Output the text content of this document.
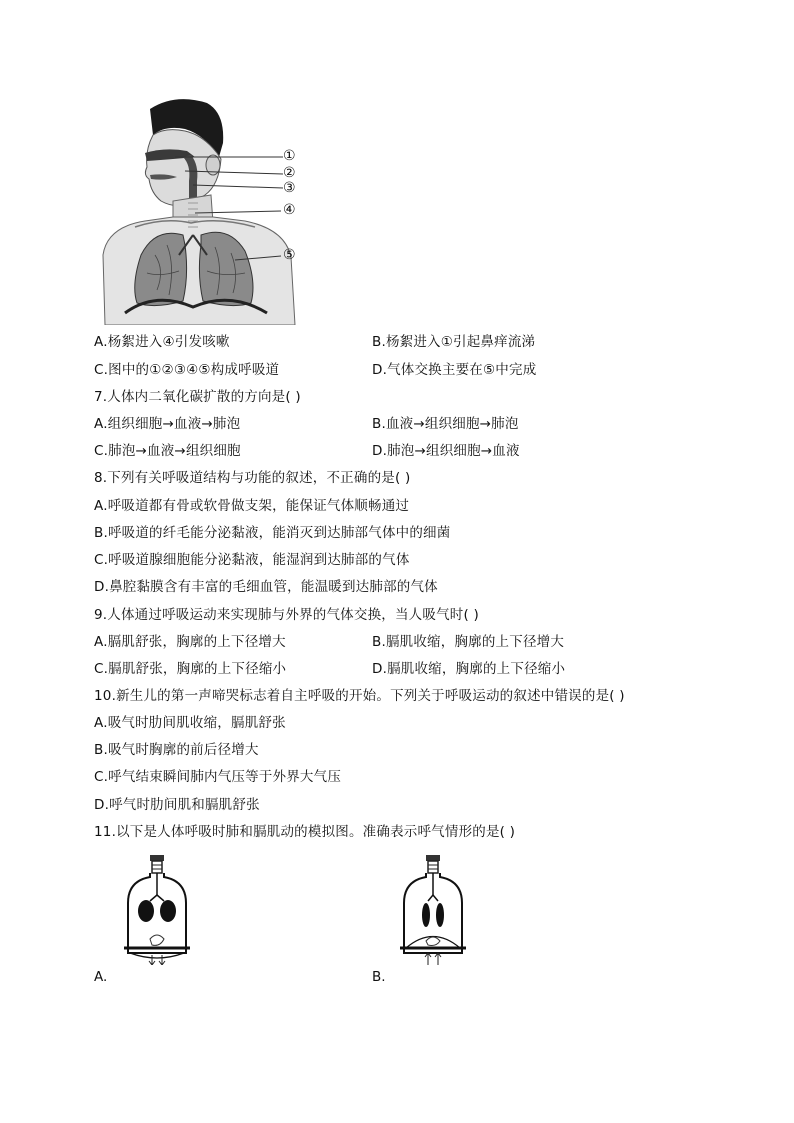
①
②
③
④
⑤
A.杨絮进入④引发咳嗽	B.杨絮进入①引起鼻痒流涕
C.图中的①②③④⑤构成呼吸道	D.气体交换主要在⑤中完成
7.人体内二氧化碳扩散的方向是( )
A.组织细胞→血液→肺泡	B.血液→组织细胞→肺泡
C.肺泡→血液→组织细胞	D.肺泡→组织细胞→血液
8.下列有关呼吸道结构与功能的叙述，不正确的是( )
A.呼吸道都有骨或软骨做支架，能保证气体顺畅通过
B.呼吸道的纤毛能分泌黏液，能消灭到达肺部气体中的细菌
C.呼吸道腺细胞能分泌黏液，能湿润到达肺部的气体
D.鼻腔黏膜含有丰富的毛细血管，能温暖到达肺部的气体
9.人体通过呼吸运动来实现肺与外界的气体交换，当人吸气时( )
A.膈肌舒张，胸廓的上下径增大	B.膈肌收缩，胸廓的上下径增大
C.膈肌舒张，胸廓的上下径缩小	D.膈肌收缩，胸廓的上下径缩小
10.新生儿的第一声啼哭标志着自主呼吸的开始。下列关于呼吸运动的叙述中错误的是( )
A.吸气时肋间肌收缩，膈肌舒张
B.吸气时胸廓的前后径增大
C.呼气结束瞬间肺内气压等于外界大气压
D.呼气时肋间肌和膈肌舒张
11.以下是人体呼吸时肺和膈肌动的模拟图。准确表示呼气情形的是( )
A.	B.
